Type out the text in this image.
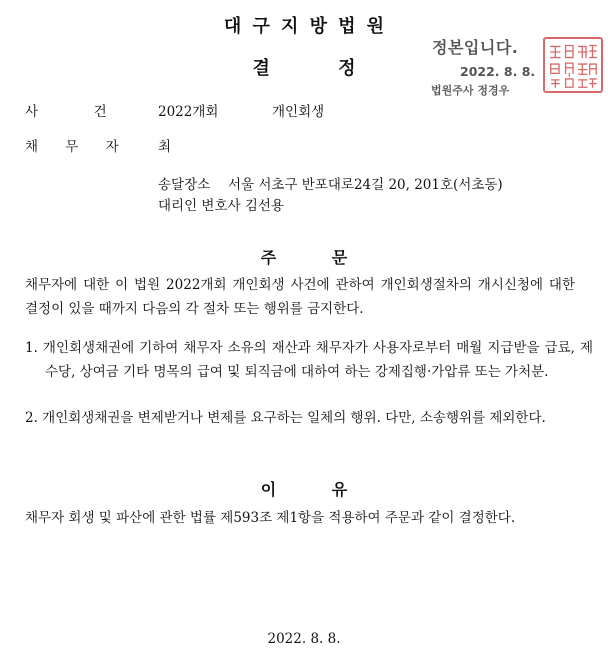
대구지방법원
결 정
정본입니다.
2022. 8. 8.
법원주사 정경우
사 건 2022개회	개인회생
채 무 자 최
송달장소 서울 서초구 반포대로24길 20, 201호(서초동)
대리인 변호사 김선용
주 문
채무자에 대한 이 법원 2022개회 개인회생 사건에 관하여 개인회생절차의 개시신청에 대한 결정이 있을 때까지 다음의 각 절차 또는 행위를 금지한다.
1. 개인회생채권에 기하여 채무자 소유의 재산과 채무자가 사용자로부터 매월 지급받을 급료, 제수당, 상여금 기타 명목의 급여 및 퇴직금에 대하여 하는 강제집행·가압류 또는 가처분.
2. 개인회생채권을 변제받거나 변제를 요구하는 일체의 행위. 다만, 소송행위를 제외한다.
이 유
채무자 회생 및 파산에 관한 법률 제593조 제1항을 적용하여 주문과 같이 결정한다.
2022. 8. 8.
